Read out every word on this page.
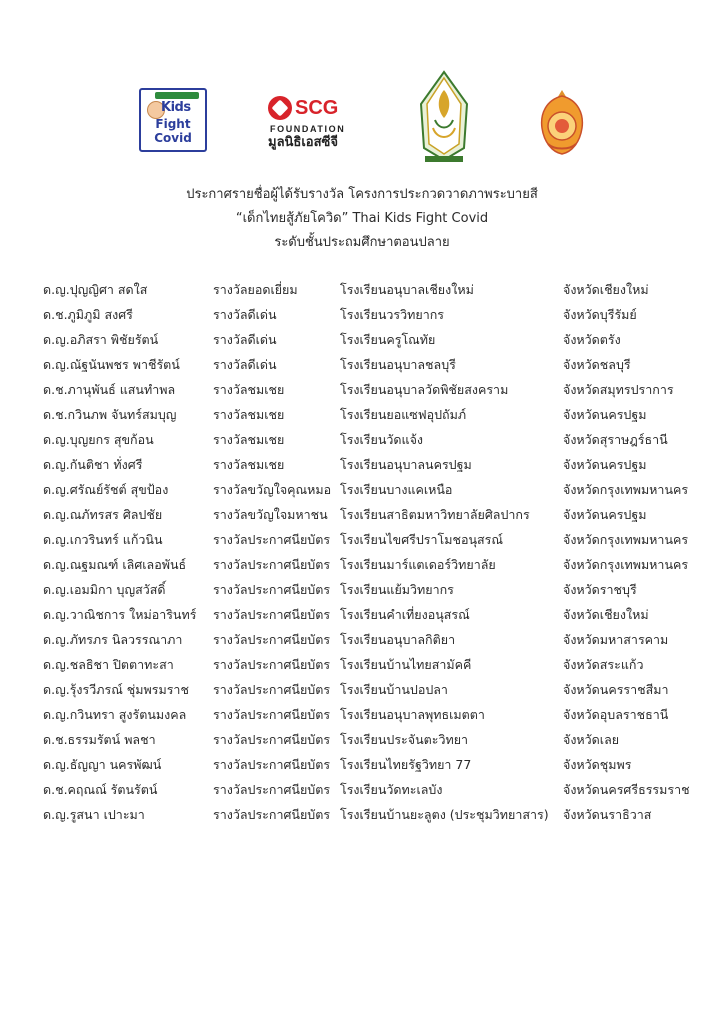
Kids
Fight
Covid
SCG
FOUNDATION
มูลนิธิเอสซีจี
ประกาศรายชื่อผู้ได้รับรางวัล โครงการประกวดวาดภาพระบายสี
“เด็กไทยสู้ภัยโควิด” Thai Kids Fight Covid
ระดับชั้นประถมศึกษาตอนปลาย
ด.ญ.ปุญญิศา สดใส	รางวัลยอดเยี่ยม	โรงเรียนอนุบาลเชียงใหม่	จังหวัดเชียงใหม่
ด.ช.ภูมิภูมิ สงศรี	รางวัลดีเด่น	โรงเรียนวรวิทยากร	จังหวัดบุรีรัมย์
ด.ญ.อภิสรา พิชัยรัตน์	รางวัลดีเด่น	โรงเรียนครูโณทัย	จังหวัดตรัง
ด.ญ.ณัฐนันพชร พาชีรัตน์	รางวัลดีเด่น	โรงเรียนอนุบาลชลบุรี	จังหวัดชลบุรี
ด.ช.ภานุพันธ์ แสนทำพล	รางวัลชมเชย	โรงเรียนอนุบาลวัดพิชัยสงคราม	จังหวัดสมุทรปราการ
ด.ช.กวินภพ จันทร์สมบุญ	รางวัลชมเชย	โรงเรียนยอแซฟอุปถัมภ์	จังหวัดนครปฐม
ด.ญ.บุญยกร สุขก้อน	รางวัลชมเชย	โรงเรียนวัดแจ้ง	จังหวัดสุราษฎร์ธานี
ด.ญ.กันติชา ทั่งศรี	รางวัลชมเชย	โรงเรียนอนุบาลนครปฐม	จังหวัดนครปฐม
ด.ญ.ศรัณย์รัชต์ สุขป้อง	รางวัลขวัญใจคุณหมอ โรงเรียนบางแคเหนือ	จังหวัดกรุงเทพมหานคร
ด.ญ.ณภัทรสร ศิลปชัย	รางวัลขวัญใจมหาชน โรงเรียนสาธิตมหาวิทยาลัยศิลปากร	จังหวัดนครปฐม
ด.ญ.เกวรินทร์ แก้วนิน	รางวัลประกาศนียบัตร โรงเรียนไขศรีปราโมชอนุสรณ์	จังหวัดกรุงเทพมหานคร
ด.ญ.ณฐมณฑ์ เลิศเลอพันธ์ รางวัลประกาศนียบัตร โรงเรียนมาร์แตเดอร์วิทยาลัย	จังหวัดกรุงเทพมหานคร
ด.ญ.เอมมิกา บุญสวัสดิ์	รางวัลประกาศนียบัตร โรงเรียนแย้มวิทยากร	จังหวัดราชบุรี
ด.ญ.วาณิชการ ใหม่อารินทร์ รางวัลประกาศนียบัตร โรงเรียนคำเที่ยงอนุสรณ์	จังหวัดเชียงใหม่
ด.ญ.ภัทรภร นิลวรรณาภา รางวัลประกาศนียบัตร โรงเรียนอนุบาลกิติยา	จังหวัดมหาสารคาม
ด.ญ.ชลธิชา ปิตตาทะสา	รางวัลประกาศนียบัตร โรงเรียนบ้านไทยสามัคคี	จังหวัดสระแก้ว
ด.ญ.รุ้งรวีภรณ์ ชุ่มพรมราช รางวัลประกาศนียบัตร โรงเรียนบ้านปอปลา	จังหวัดนครราชสีมา
ด.ญ.กวินทรา สูงรัตนมงคล รางวัลประกาศนียบัตร โรงเรียนอนุบาลพุทธเมตตา	จังหวัดอุบลราชธานี
ด.ช.ธรรมรัตน์ พลชา	รางวัลประกาศนียบัตร โรงเรียนประจันตะวิทยา	จังหวัดเลย
ด.ญ.ธัญญา นครพัฒน์	รางวัลประกาศนียบัตร โรงเรียนไทยรัฐวิทยา 77	จังหวัดชุมพร
ด.ช.คฤณณ์ รัตนรัตน์	รางวัลประกาศนียบัตร โรงเรียนวัดทะเลบัง	จังหวัดนครศรีธรรมราช
ด.ญ.รูสนา เปาะมา	รางวัลประกาศนียบัตร โรงเรียนบ้านยะลูตง (ประชุมวิทยาสาร) จังหวัดนราธิวาส
